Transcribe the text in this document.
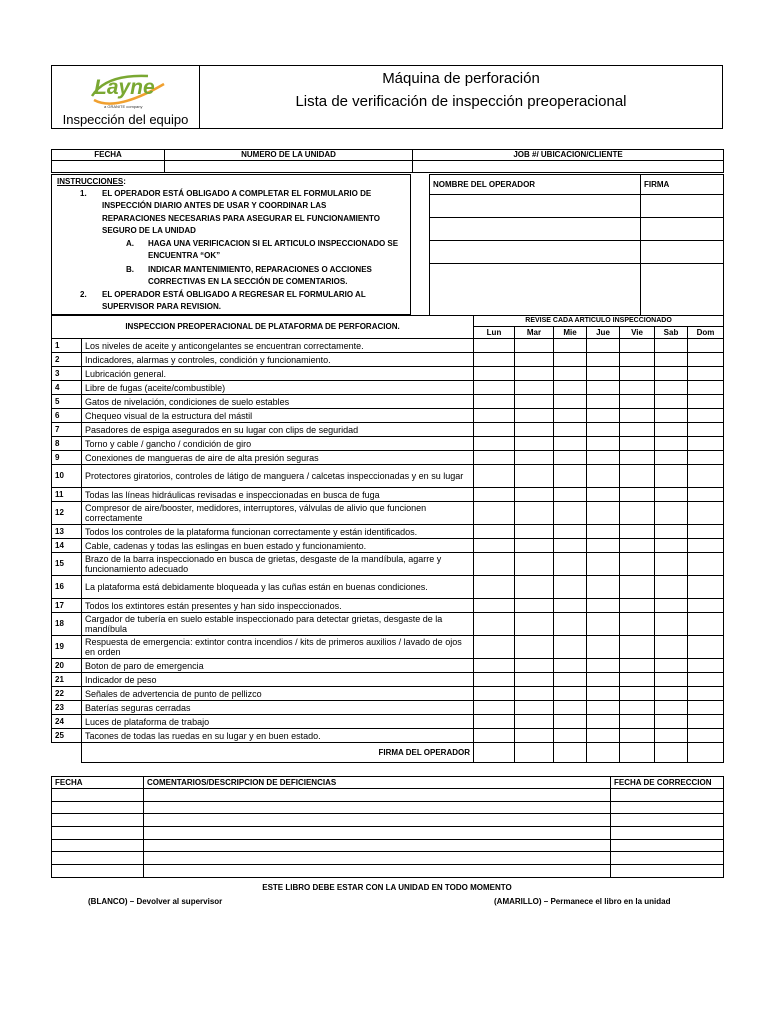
Layne
a GRANITE company
Inspección del equipo
Máquina de perforación
Lista de verificación de inspección preoperacional
FECHA	NUMERO DE LA UNIDAD	JOB #/ UBICACION/CLIENTE

INSTRUCCIONES:
1. EL OPERADOR ESTÁ OBLIGADO A COMPLETAR EL FORMULARIO DE INSPECCIÓN DIARIO ANTES DE USAR Y COORDINAR LAS REPARACIONES NECESARIAS PARA ASEGURAR EL FUNCIONAMIENTO SEGURO DE LA UNIDAD
A. HAGA UNA VERIFICACION SI EL ARTICULO INSPECCIONADO SE ENCUENTRA “OK”
B. INDICAR MANTENIMIENTO, REPARACIONES O ACCIONES CORRECTIVAS EN LA SECCIÓN DE COMENTARIOS.
2. EL OPERADOR ESTÁ OBLIGADO A REGRESAR EL FORMULARIO AL SUPERVISOR PARA REVISION.
NOMBRE DEL OPERADOR	FIRMA

INSPECCION PREOPERACIONAL DE PLATAFORMA DE PERFORACION.		REVISE CADA ARTICULO INSPECCIONADO						
		Lun	Mar	Mie	Jue	Vie	Sab	Dom
1	Los niveles de aceite y anticongelantes se encuentran correctamente.							
2	Indicadores, alarmas y controles, condición y funcionamiento.							
3	Lubricación general.							
4	Libre de fugas (aceite/combustible)							
5	Gatos de nivelación, condiciones de suelo estables							
6	Chequeo visual de la estructura del mástil							
7	Pasadores de espiga asegurados en su lugar con clips de seguridad							
8	Torno y cable / gancho / condición de giro							
9	Conexiones de mangueras de aire de alta presión seguras							
10	Protectores giratorios, controles de látigo de manguera / calcetas inspeccionadas y en su lugar							
11	Todas las líneas hidráulicas revisadas e inspeccionadas en busca de fuga							
12	Compresor de aire/booster, medidores, interruptores, válvulas de alivio que funcionen correctamente							
13	Todos los controles de la plataforma funcionan correctamente y están identificados.							
14	Cable, cadenas y todas las eslingas en buen estado y funcionamiento.							
15	Brazo de la barra inspeccionado en busca de grietas, desgaste de la mandíbula, agarre y funcionamiento adecuado							
16	La plataforma está debidamente bloqueada y las cuñas están en buenas condiciones.							
17	Todos los extintores están presentes y han sido inspeccionados.							
18	Cargador de tubería en suelo estable inspeccionado para detectar grietas, desgaste de la mandíbula							
19	Respuesta de emergencia: extintor contra incendios / kits de primeros auxilios / lavado de ojos en orden							
20	Boton de paro de emergencia							
21	Indicador de peso							
22	Señales de advertencia de punto de pellizco							
23	Baterías seguras cerradas							
24	Luces de plataforma de trabajo							
25	Tacones de todas las ruedas en su lugar y en buen estado.							
	FIRMA DEL OPERADOR							
FECHA	COMENTARIOS/DESCRIPCION DE DEFICIENCIAS	FECHA DE CORRECCION

ESTE LIBRO DEBE ESTAR CON LA UNIDAD EN TODO MOMENTO
(BLANCO) – Devolver al supervisor	(AMARILLO) – Permanece el libro en la unidad
